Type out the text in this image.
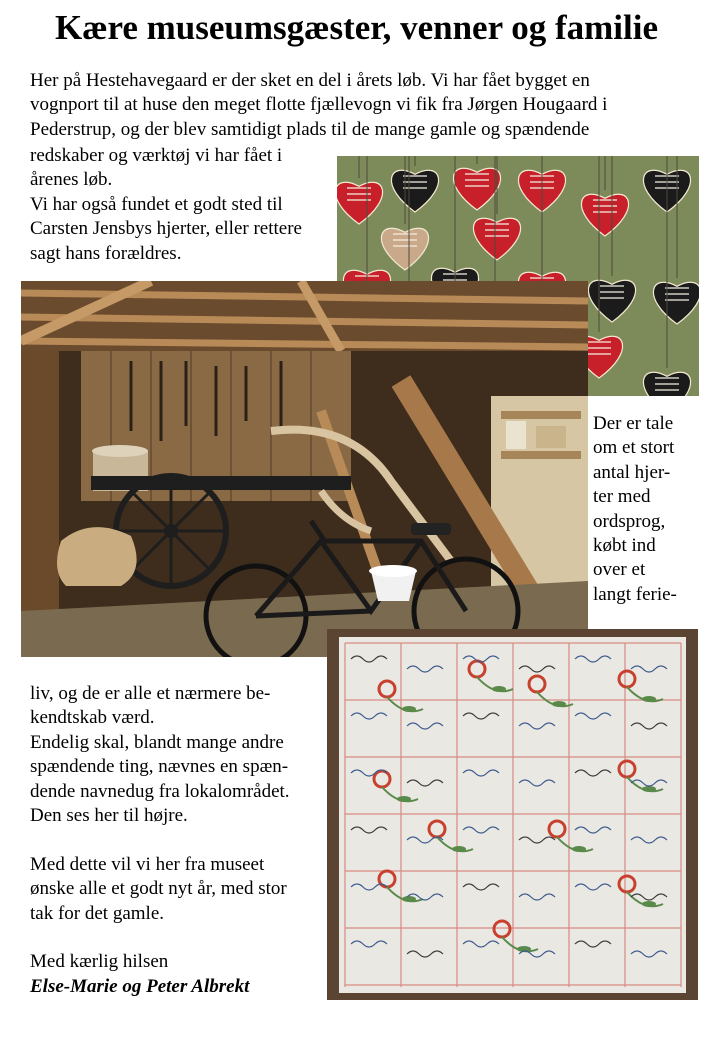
Kære museumsgæster, venner og familie
Her på Hestehavegaard er der sket en del i årets løb. Vi har fået bygget en
vognport til at huse den meget flotte fjællevogn vi fik fra Jørgen Hougaard i
Pederstrup, og der blev samtidigt plads til de mange gamle og spændende
redskaber og værktøj vi har fået i
årenes løb.
Vi har også fundet et godt sted til
Carsten Jensbys hjerter, eller rettere
sagt hans forældres.
Der er tale
om et stort
antal hjer-
ter med
ordsprog,
købt ind
over et
langt ferie-
liv, og de er alle et nærmere be-
kendtskab værd.
Endelig skal, blandt mange andre
spændende ting, nævnes en spæn-
dende navnedug fra lokalområdet.
Den ses her til højre.
Med dette vil vi her fra museet
ønske alle et godt nyt år, med stor
tak for det gamle.
Med kærlig hilsen
Else-Marie og Peter Albrekt
